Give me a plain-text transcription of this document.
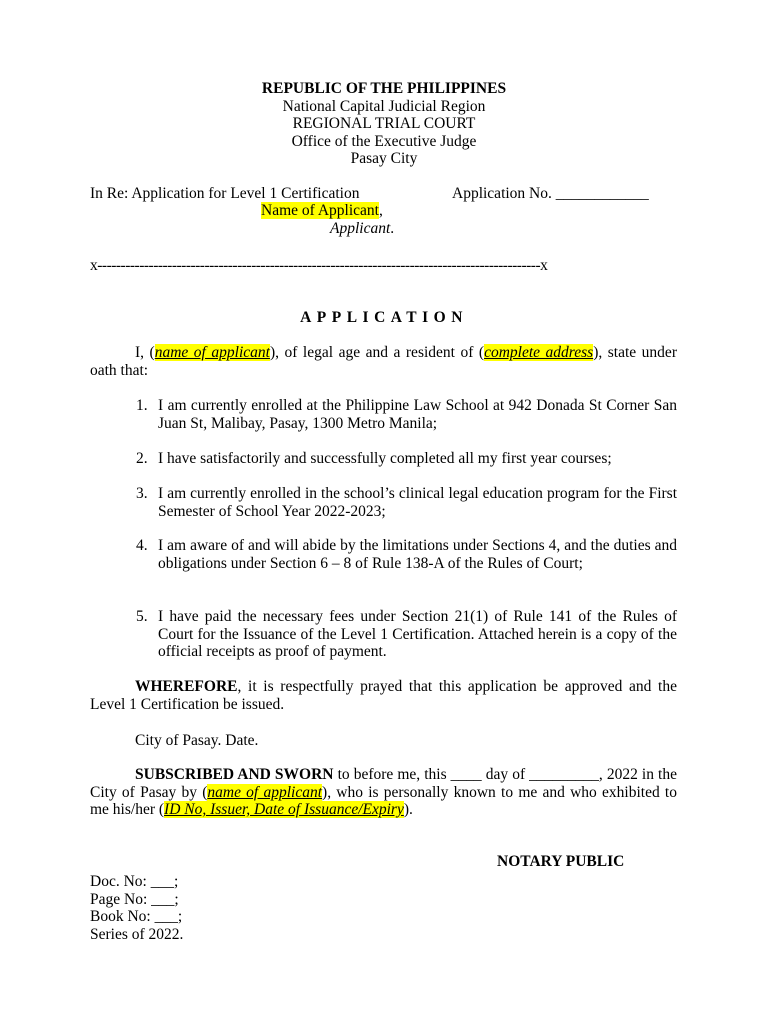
REPUBLIC OF THE PHILIPPINES
National Capital Judicial Region
REGIONAL TRIAL COURT
Office of the Executive Judge
Pasay City
In Re: Application for Level 1 Certification	Application No. ____________
Name of Applicant,
Applicant.
x-----------------------------------------------------------------------------------------------x
APPLICATION
I, (name of applicant), of legal age and a resident of (complete address), state under oath that:
1. I am currently enrolled at the Philippine Law School at 942 Donada St Corner San Juan St, Malibay, Pasay, 1300 Metro Manila;
2. I have satisfactorily and successfully completed all my first year courses;
3. I am currently enrolled in the school’s clinical legal education program for the First Semester of School Year 2022-2023;
4. I am aware of and will abide by the limitations under Sections 4, and the duties and obligations under Section 6 – 8 of Rule 138-A of the Rules of Court;
5. I have paid the necessary fees under Section 21(1) of Rule 141 of the Rules of Court for the Issuance of the Level 1 Certification. Attached herein is a copy of the official receipts as proof of payment.
WHEREFORE, it is respectfully prayed that this application be approved and the Level 1 Certification be issued.
City of Pasay. Date.
SUBSCRIBED AND SWORN to before me, this ____ day of _________, 2022 in the City of Pasay by (name of applicant), who is personally known to me and who exhibited to me his/her (ID No, Issuer, Date of Issuance/Expiry).
NOTARY PUBLIC
Doc. No: ___;
Page No: ___;
Book No: ___;
Series of 2022.
